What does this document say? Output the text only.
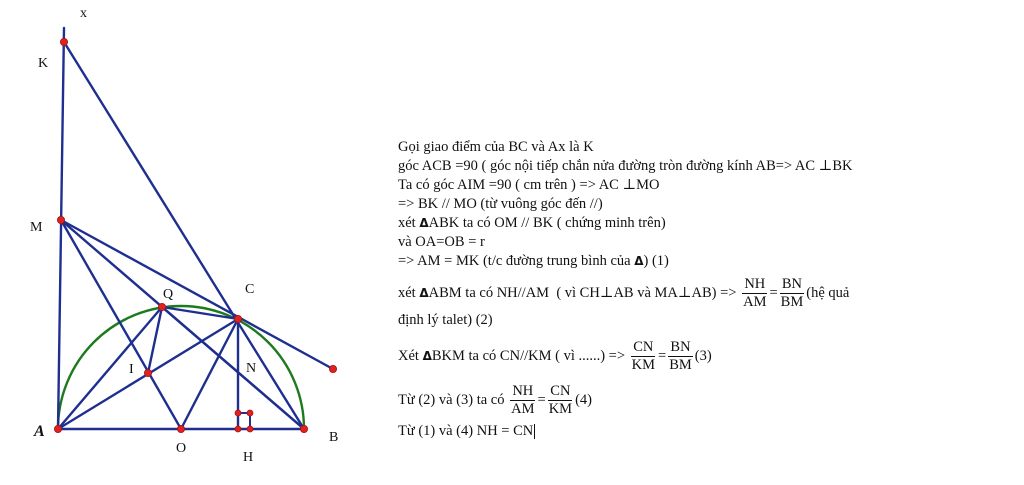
x
K
M
Q	C
I	N
O
H
B
A
Gọi giao điểm của BC và Ax là K
góc ACB =90 ( góc nội tiếp chắn nửa đường tròn đường kính AB=> AC ⊥BK
Ta có góc AIM =90 ( cm trên ) => AC ⊥MO
=> BK // MO (từ vuông góc đến //)
xét ΔABK ta có OM // BK ( chứng minh trên)
và OA=OB = r
=> AM = MK (t/c đường trung bình của Δ) (1)
xét Δ ABM ta có NH//AM  ( vì CH⊥AB và MA⊥AB) => $\frac{NH}{AM} = \frac{BN}{BM}$ (hệ quả
định lý talet) (2)
Xét Δ BKM ta có CN//KM ( vì ......) => $\frac{CN}{KM} = \frac{BN}{BM} (3)$
Từ (2) và (3) ta có $\frac{NH}{AM} = \frac{CN}{KM} (4)$
Từ (1) và (4) NH = CN
